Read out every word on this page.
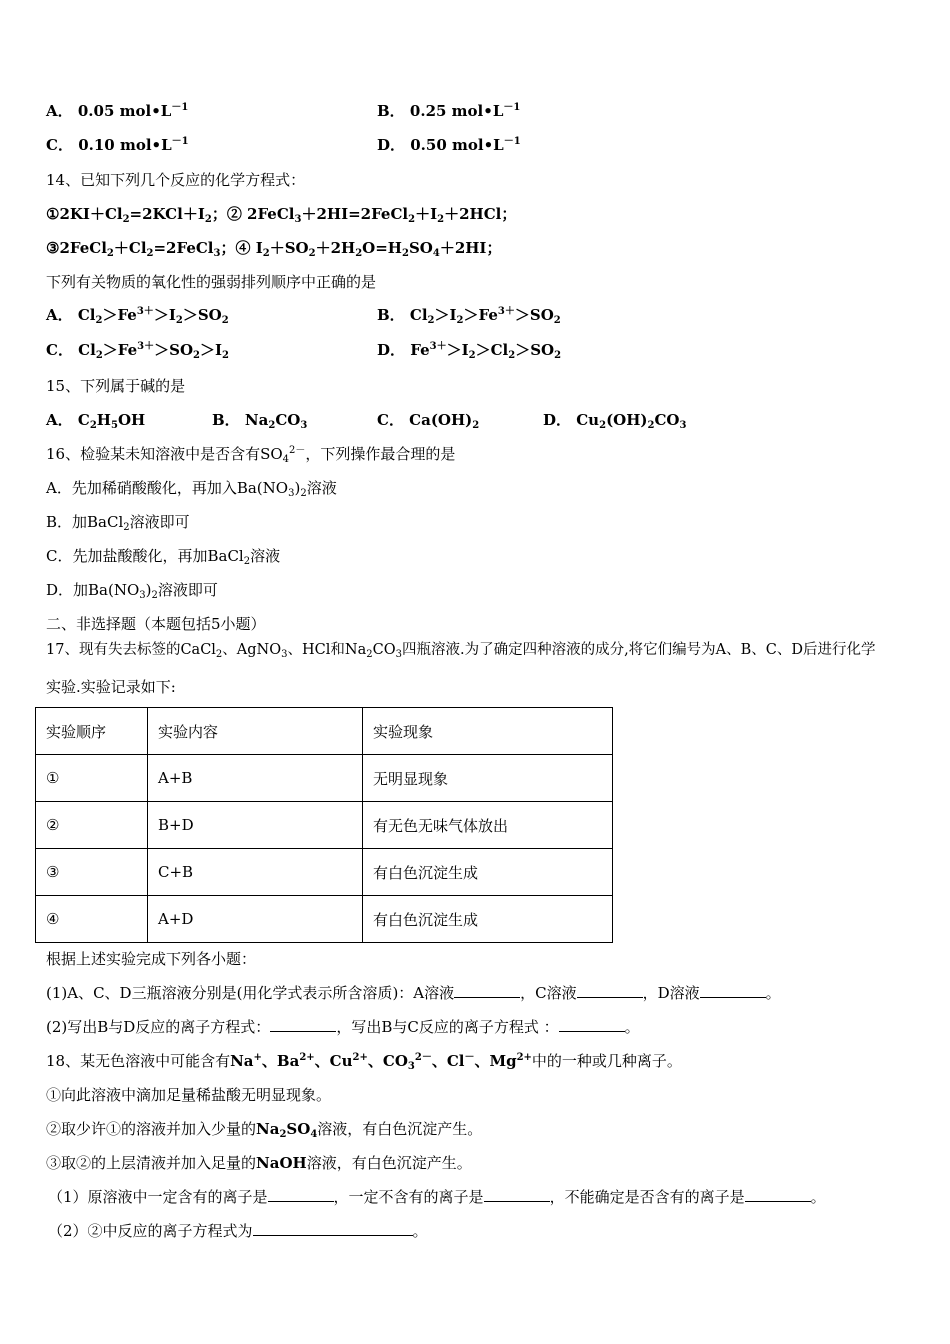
A． 0.05 $mol•L^{-1}$	B． 0.25 $mol•L^{-1}$
C． 0.10 $mol•L^{-1}$	D． 0.50 $mol•L^{-1}$
14、已知下列几个反应的化学方程式：
$①2KI+Cl_2=2KCl+I_2$；② $2FeCl_3+2HI=2FeCl_2+I_2+2HCl$；
$③2FeCl_2+Cl_2=2FeCl_3$；④ $I_2+SO_2+2H_2O=H_2SO_4+2HI$；
下列有关物质的氧化性的强弱排列顺序中正确的是
A． $Cl_2>Fe^{3+}>I_2>SO_2$	B． $Cl_2>I_2>Fe^{3+}>SO_2$
C． $Cl_2>Fe^{3+}>SO_2>I_2$	D． $Fe^{3+}>I_2>Cl_2>SO_2$
15、下列属于碱的是
A． $C_2H_5OH$	B． $Na_2CO_3$	C． $Ca(OH)_2$	D． $Cu_2(OH)_2CO_3$
16、检验某未知溶液中是否含有$SO_4^{2-}$，下列操作最合理的是
A．先加稀硝酸酸化，再加入$Ba(NO_3)_2$溶液
B．加BaCl$_2$溶液即可
C．先加盐酸酸化，再加BaCl$_2$溶液
D．加$Ba(NO_3)_2$溶液即可
二、非选择题（本题包括5小题）
17、现有失去标签的CaCl$_2$、AgNO$_3$、HCl和$Na_2CO_3$四瓶溶液.为了确定四种溶液的成分,将它们编号为A、B、C、D后进行化学
实验.实验记录如下:
实验顺序	实验内容	实验现象
①	A+B	无明显现象
②	B+D	有无色无味气体放出
③	C+B	有白色沉淀生成
④	A+D	有白色沉淀生成
根据上述实验完成下列各小题：
(1)A、C、D三瓶溶液分别是(用化学式表示所含溶质)：A溶液	，C溶液	，D溶液	。
(2)写出B与D反应的离子方程式：	，写出B与C反应的离子方程式 ：	。
18、某无色溶液中可能含有Na+、$Ba^{2+}$、$Cu^{2+}$、$CO_3^{2-}$、Cl－、$Mg^{2+}$中的一种或几种离子。
①向此溶液中滴加足量稀盐酸无明显现象。
②取少许①的溶液并加入少量的$Na_2SO_4$溶液，有白色沉淀产生。
③取②的上层清液并加入足量的NaOH溶液，有白色沉淀产生。
（1）原溶液中一定含有的离子是	，一定不含有的离子是	，不能确定是否含有的离子是	。
（2）②中反应的离子方程式为	。
